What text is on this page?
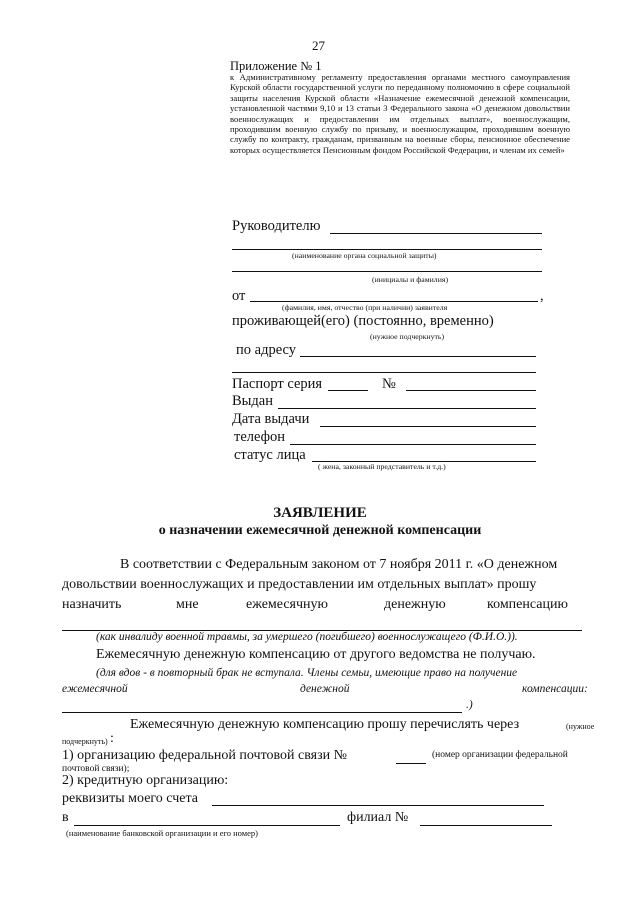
27
Приложение № 1
к Административному регламенту предоставления органами местного самоуправления Курской области государственной услуги по переданному полномочию в сфере социальной защиты населения Курской области «Назначение ежемесячной денежной компенсации, установленной частями 9,10 и 13 статьи 3 Федерального закона «О денежном довольствии военнослужащих и предоставлении им отдельных выплат», военнослужащим, проходившим военную службу по призыву, и военнослужащим, проходившим военную службу по контракту, гражданам, призванным на военные сборы, пенсионное обеспечение которых осуществляется Пенсионным фондом Российской Федерации, и членам их семей»
Руководителю
(наименование органа социальной защиты)
(инициалы и фамилия)
от	,
(фамилия, имя, отчество (при наличии) заявителя
проживающей(его) (постоянно, временно)
(нужное подчеркнуть)
по адресу
Паспорт серия	№
Выдан
Дата выдачи
телефон
статус лица
( жена, законный представитель и т.д.)
ЗАЯВЛЕНИЕ
о назначении ежемесячной денежной компенсации
В соответствии с Федеральным законом от 7 ноября 2011 г. «О денежном
довольствии военнослужащих и предоставлении им отдельных выплат» прошу
назначить	мне	ежемесячную	денежную	компенсацию
(как инвалиду военной травмы, за умершего (погибшего) военнослужащего (Ф.И.О.)).
Ежемесячную денежную компенсацию от другого ведомства не получаю.
(для вдов - в повторный брак не вступала. Члены семьи, имеющие право на получение
ежемесячной	денежной	компенсации:
.)
Ежемесячную денежную компенсацию прошу перечислять через	(нужное
подчеркнуть) :
1) организацию федеральной почтовой связи №	(номер организации федеральной
почтовой связи);
2) кредитную организацию:
реквизиты моего счета
в	филиал №
(наименование банковской организации и его номер)
